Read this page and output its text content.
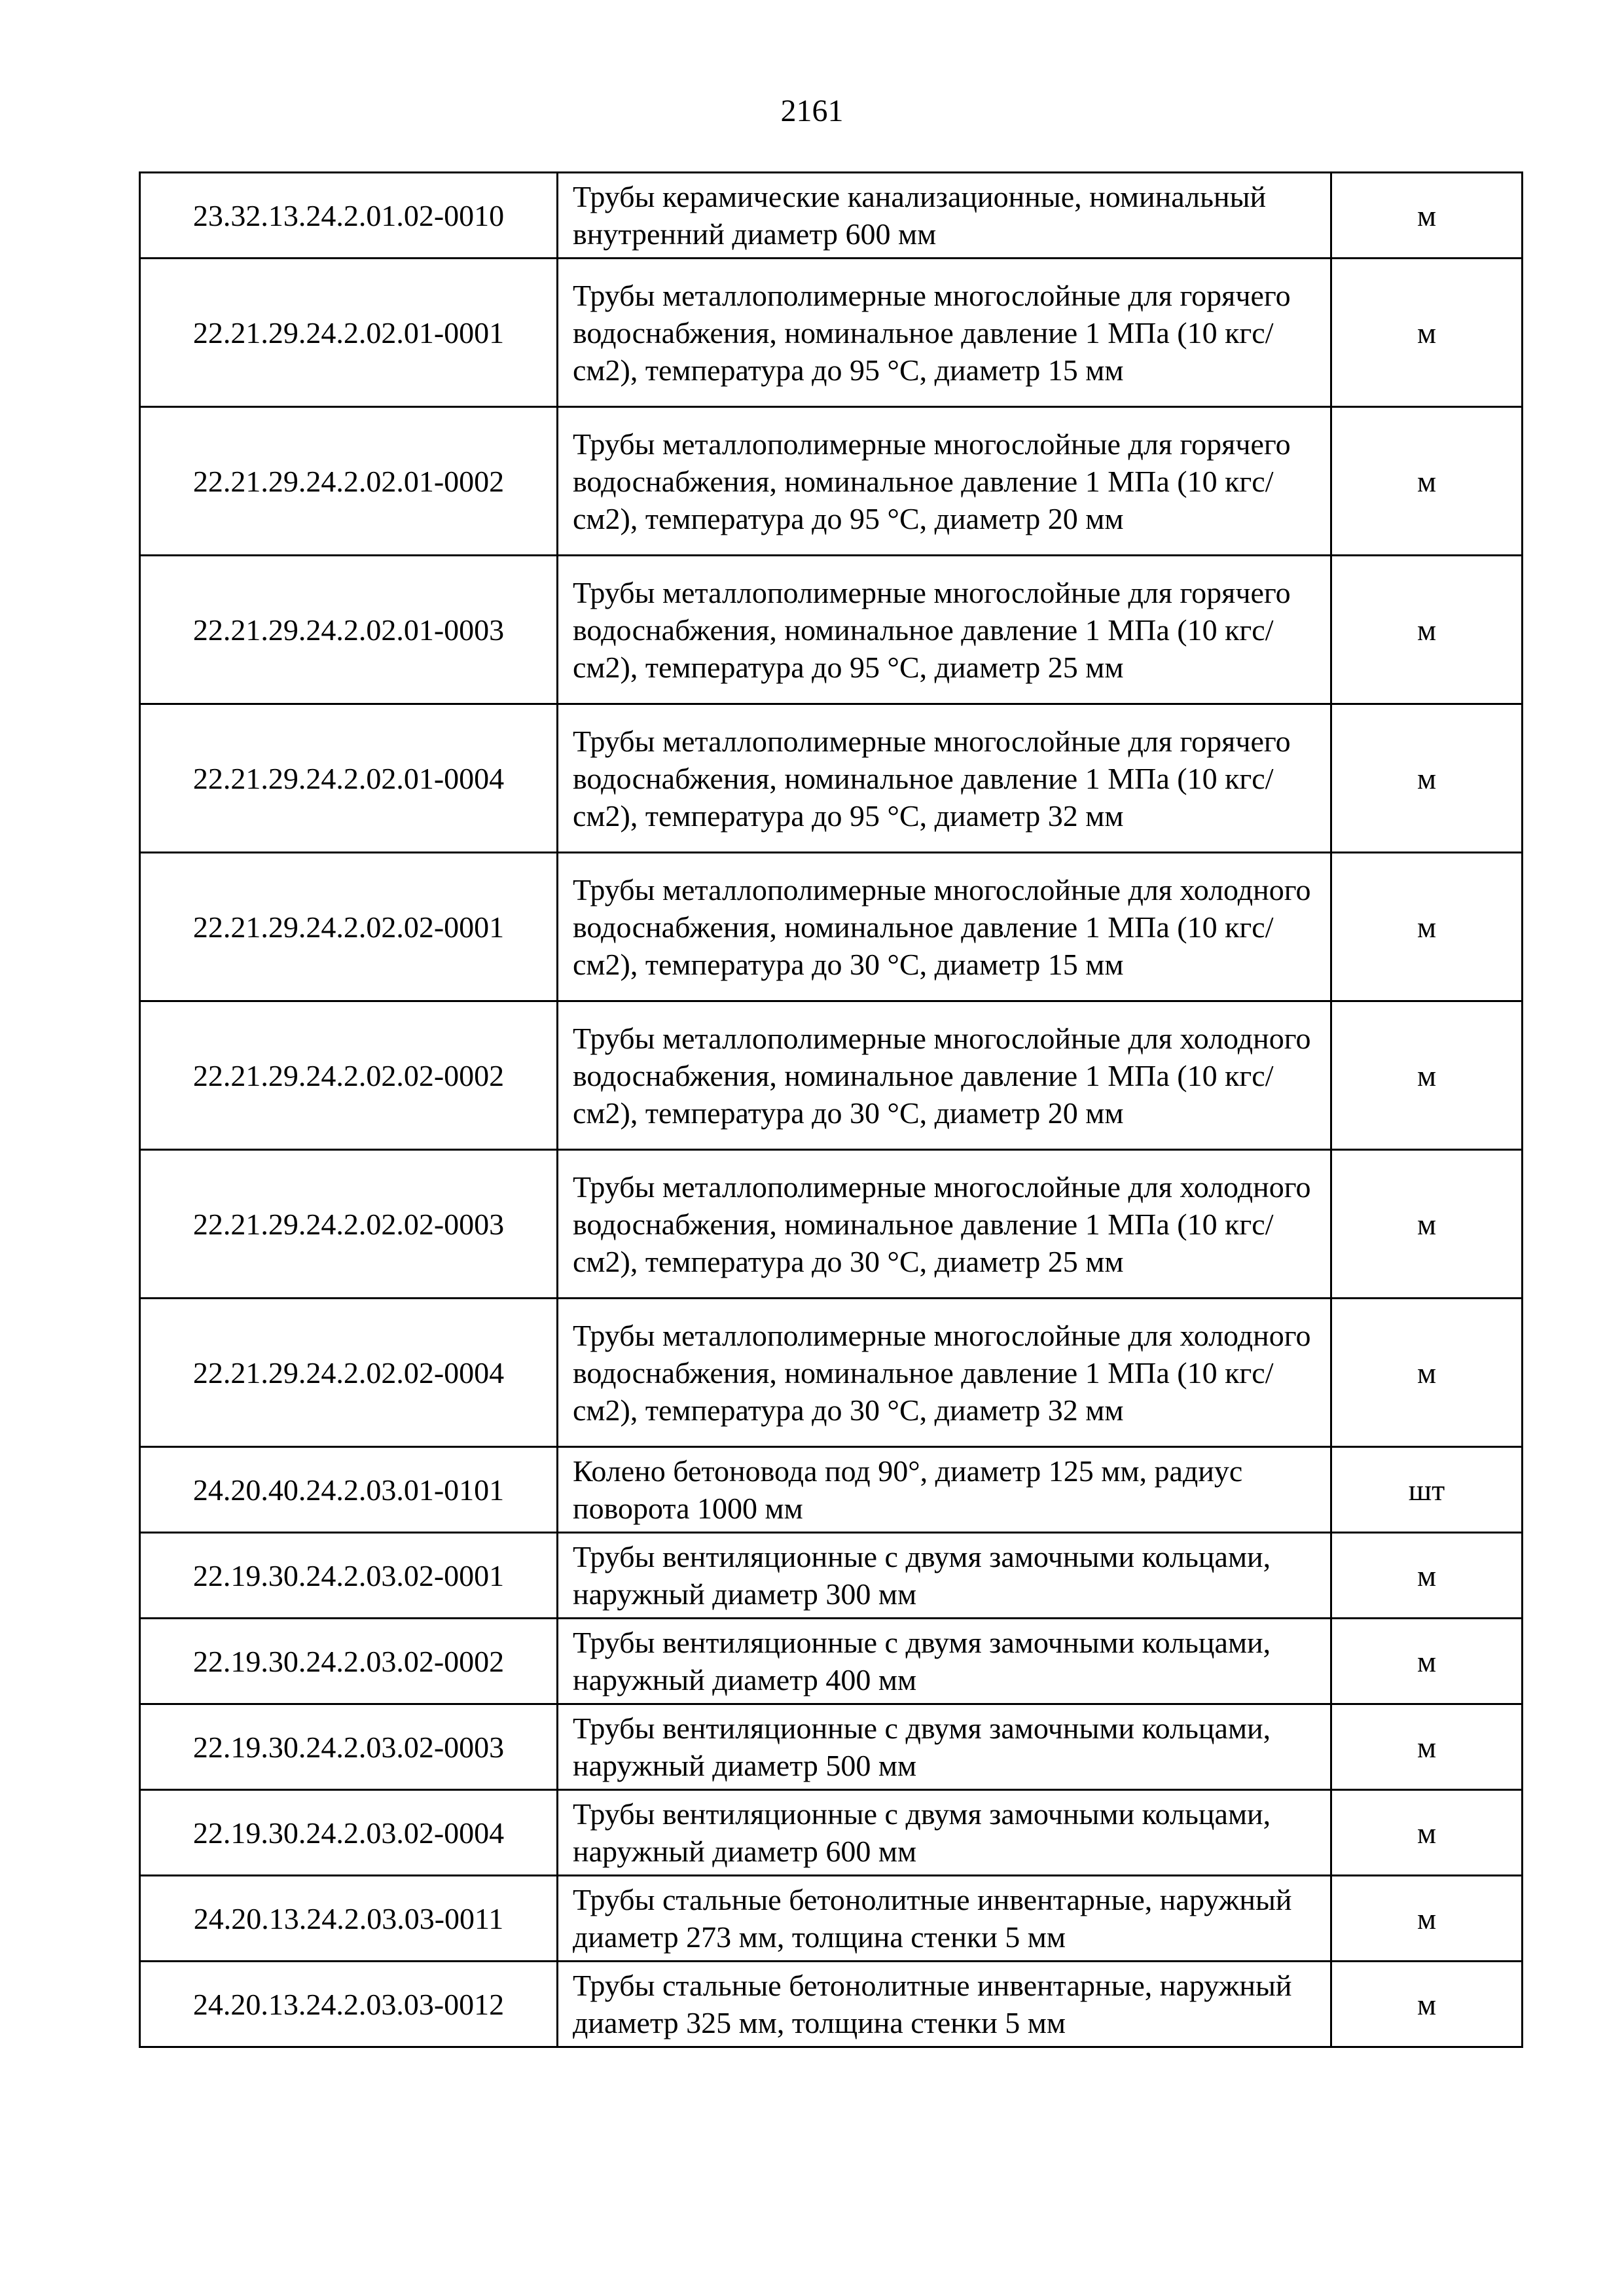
2161
23.32.13.24.2.01.02-0010	Трубы керамические канализационные, номинальный внутренний диаметр 600 мм	м
22.21.29.24.2.02.01-0001	Трубы металлополимерные многослойные для горячего водоснабжения, номинальное давление 1 МПа (10 кгс/см2), температура до 95 °С, диаметр 15 мм	м
22.21.29.24.2.02.01-0002	Трубы металлополимерные многослойные для горячего водоснабжения, номинальное давление 1 МПа (10 кгс/см2), температура до 95 °С, диаметр 20 мм	м
22.21.29.24.2.02.01-0003	Трубы металлополимерные многослойные для горячего водоснабжения, номинальное давление 1 МПа (10 кгс/см2), температура до 95 °С, диаметр 25 мм	м
22.21.29.24.2.02.01-0004	Трубы металлополимерные многослойные для горячего водоснабжения, номинальное давление 1 МПа (10 кгс/см2), температура до 95 °С, диаметр 32 мм	м
22.21.29.24.2.02.02-0001	Трубы металлополимерные многослойные для холодного водоснабжения, номинальное давление 1 МПа (10 кгс/см2), температура до 30 °С, диаметр 15 мм	м
22.21.29.24.2.02.02-0002	Трубы металлополимерные многослойные для холодного водоснабжения, номинальное давление 1 МПа (10 кгс/см2), температура до 30 °С, диаметр 20 мм	м
22.21.29.24.2.02.02-0003	Трубы металлополимерные многослойные для холодного водоснабжения, номинальное давление 1 МПа (10 кгс/см2), температура до 30 °С, диаметр 25 мм	м
22.21.29.24.2.02.02-0004	Трубы металлополимерные многослойные для холодного водоснабжения, номинальное давление 1 МПа (10 кгс/см2), температура до 30 °С, диаметр 32 мм	м
24.20.40.24.2.03.01-0101	Колено бетоновода под 90°, диаметр 125 мм, радиус поворота 1000 мм	шт
22.19.30.24.2.03.02-0001	Трубы вентиляционные с двумя замочными кольцами, наружный диаметр 300 мм	м
22.19.30.24.2.03.02-0002	Трубы вентиляционные с двумя замочными кольцами, наружный диаметр 400 мм	м
22.19.30.24.2.03.02-0003	Трубы вентиляционные с двумя замочными кольцами, наружный диаметр 500 мм	м
22.19.30.24.2.03.02-0004	Трубы вентиляционные с двумя замочными кольцами, наружный диаметр 600 мм	м
24.20.13.24.2.03.03-0011	Трубы стальные бетонолитные инвентарные, наружный диаметр 273 мм, толщина стенки 5 мм	м
24.20.13.24.2.03.03-0012	Трубы стальные бетонолитные инвентарные, наружный диаметр 325 мм, толщина стенки 5 мм	м
